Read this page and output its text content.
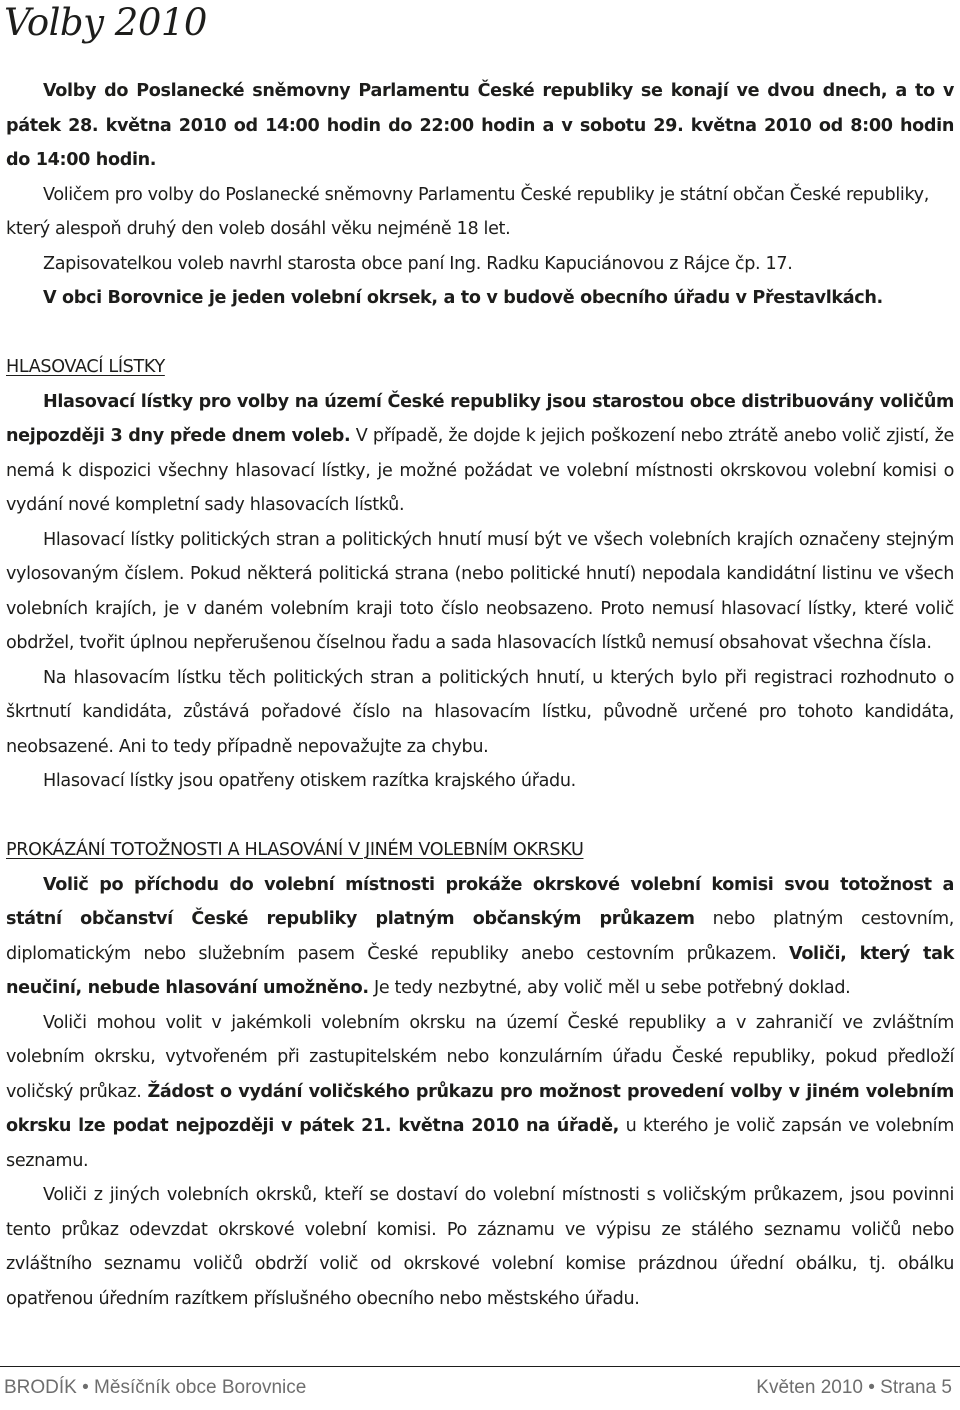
Volby 2010

Volby do Poslanecké sněmovny Parlamentu České republiky se konají ve dvou dnech, a to v pátek 28. května 2010 od 14:00 hodin do 22:00 hodin a v sobotu 29. května 2010 od 8:00 hodin do 14:00 hodin.

Voličem pro volby do Poslanecké sněmovny Parlamentu České republiky je státní občan České republiky, který alespoň druhý den voleb dosáhl věku nejméně 18 let.

Zapisovatelkou voleb navrhl starosta obce paní Ing. Radku Kapuciánovou z Rájce čp. 17.

V obci Borovnice je jeden volební okrsek, a to v budově obecního úřadu v Přestavlkách.

HLASOVACÍ LÍSTKY

Hlasovací lístky pro volby na území České republiky jsou starostou obce distribuovány voličům nejpozději 3 dny přede dnem voleb. V případě, že dojde k jejich poškození nebo ztrátě anebo volič zjistí, že nemá k dispozici všechny hlasovací lístky, je možné požádat ve volební místnosti okrskovou volební komisi o vydání nové kompletní sady hlasovacích lístků.

Hlasovací lístky politických stran a politických hnutí musí být ve všech volebních krajích označeny stejným vylosovaným číslem. Pokud některá politická strana (nebo politické hnutí) nepodala kandidátní listinu ve všech volebních krajích, je v daném volebním kraji toto číslo neobsazeno. Proto nemusí hlasovací lístky, které volič obdržel, tvořit úplnou nepřerušenou číselnou řadu a sada hlasovacích lístků nemusí obsahovat všechna čísla.

Na hlasovacím lístku těch politických stran a politických hnutí, u kterých bylo při registraci rozhodnuto o škrtnutí kandidáta, zůstává pořadové číslo na hlasovacím lístku, původně určené pro tohoto kandidáta, neobsazené. Ani to tedy případně nepovažujte za chybu.

Hlasovací lístky jsou opatřeny otiskem razítka krajského úřadu.

PROKÁZÁNÍ TOTOŽNOSTI A HLASOVÁNÍ V JINÉM VOLEBNÍM OKRSKU

Volič po příchodu do volební místnosti prokáže okrskové volební komisi svou totožnost a státní občanství České republiky platným občanským průkazem nebo platným cestovním, diplomatickým nebo služebním pasem České republiky anebo cestovním průkazem. Voliči, který tak neučiní, nebude hlasování umožněno. Je tedy nezbytné, aby volič měl u sebe potřebný doklad.

Voliči mohou volit v jakémkoli volebním okrsku na území České republiky a v zahraničí ve zvláštním volebním okrsku, vytvořeném při zastupitelském nebo konzulárním úřadu České republiky, pokud předloží voličský průkaz. Žádost o vydání voličského průkazu pro možnost provedení volby v jiném volebním okrsku lze podat nejpozději v pátek 21. května 2010 na úřadě, u kterého je volič zapsán ve volebním seznamu.

Voliči z jiných volebních okrsků, kteří se dostaví do volební místnosti s voličským průkazem, jsou povinni tento průkaz odevzdat okrskové volební komisi. Po záznamu ve výpisu ze stálého seznamu voličů nebo zvláštního seznamu voličů obdrží volič od okrskové volební komise prázdnou úřední obálku, tj. obálku opatřenou úředním razítkem příslušného obecního nebo městského úřadu.

BRODÍK • Měsíčník obce Borovnice	Květen 2010 • Strana 5
